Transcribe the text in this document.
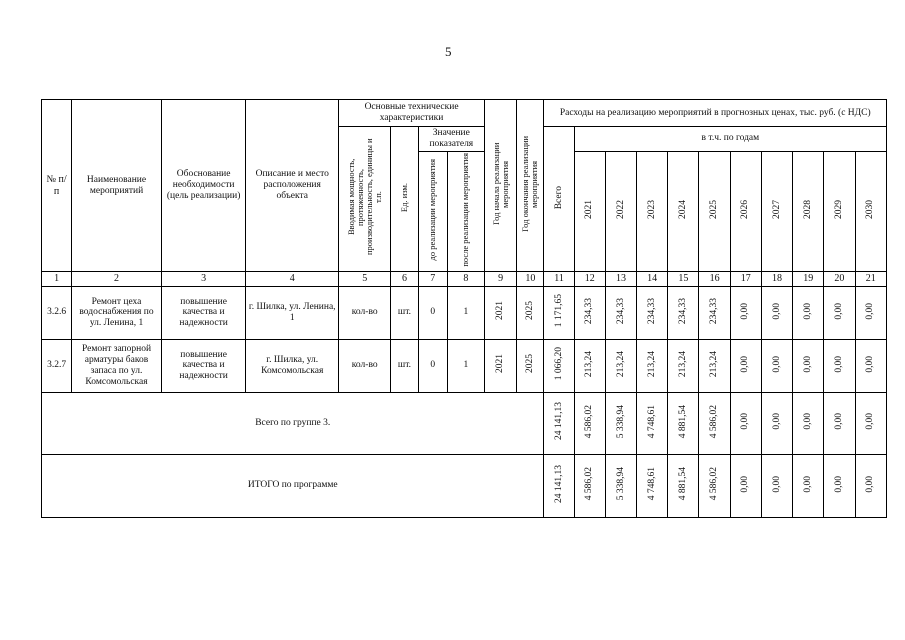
5
№ п/п	Наименование мероприятий	Обоснование необходимости (цель реализации)	Описание и место расположения объекта	Основные технические характеристики				Год начала реализации мероприятия	Год окончания реализации мероприятия	Расходы на реализацию мероприятий в прогнозных ценах, тыс. руб. (с НДС)										
				Вводимая мощность, протяженность, производительность, единицы и т.п.	Ед. изм.	Значение показателя				Всего	в т.ч. по годам									
						до реализации мероприятия	после реализации мероприятия				2021	2022	2023	2024	2025	2026	2027	2028	2029	2030
1	2	3	4	5	6	7	8	9	10	11	12	13	14	15	16	17	18	19	20	21
3.2.6	Ремонт цеха водоснабжения по ул. Ленина, 1	повышение качества и надежности	г. Шилка, ул. Ленина, 1	кол-во	шт.	0	1	2021	2025	1 171,65	234,33	234,33	234,33	234,33	234,33	0,00	0,00	0,00	0,00	0,00
3.2.7	Ремонт запорной арматуры баков запаса по ул. Комсомольская	повышение качества и надежности	г. Шилка, ул. Комсомольская	кол-во	шт.	0	1	2021	2025	1 066,20	213,24	213,24	213,24	213,24	213,24	0,00	0,00	0,00	0,00	0,00
Всего по группе 3.										24 141,13	4 586,02	5 338,94	4 748,61	4 881,54	4 586,02	0,00	0,00	0,00	0,00	0,00
ИТОГО по программе										24 141,13	4 586,02	5 338,94	4 748,61	4 881,54	4 586,02	0,00	0,00	0,00	0,00	0,00
